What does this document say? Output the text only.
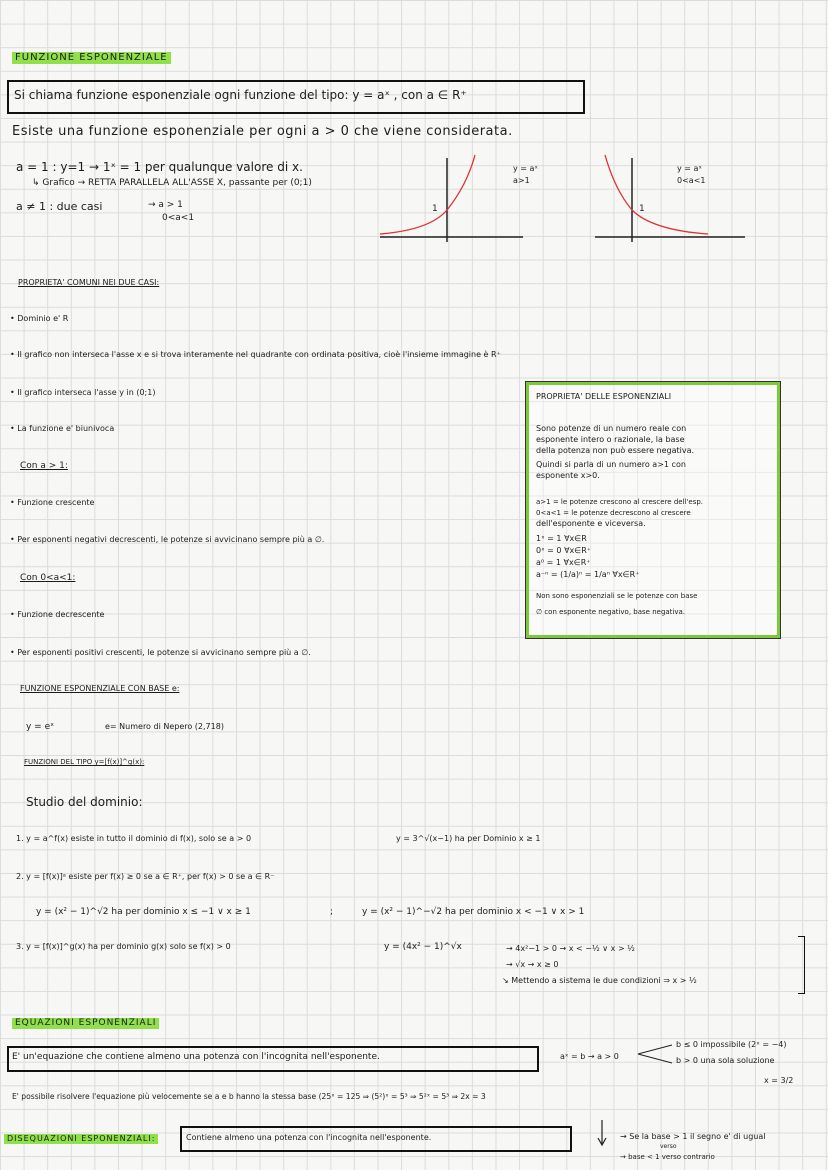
FUNZIONE ESPONENZIALE
Si chiama funzione esponenziale ogni funzione del tipo: y = aˣ , con a ∈ R⁺
Esiste una funzione esponenziale per ogni a > 0 che viene considerata.
a = 1 : y=1 → 1ˣ = 1 per qualunque valore di x.
↳ Grafico → RETTA PARALLELA ALL'ASSE X, passante per (0;1)
a ≠ 1 : due casi	→ a > 1
0<a<1
1
y = aˣ
a>1
1
y = aˣ
0<a<1
PROPRIETA' COMUNI NEI DUE CASI:
• Dominio e' R
• Il grafico non interseca l'asse x e si trova interamente nel quadrante con ordinata positiva, cioè l'insieme immagine è R⁺
• Il grafico interseca l'asse y in (0;1)
• La funzione e' biunivoca
Con a > 1:
• Funzione crescente
• Per esponenti negativi decrescenti, le potenze si avvicinano sempre più a ∅.
Con 0<a<1:
• Funzione decrescente
• Per esponenti positivi crescenti, le potenze si avvicinano sempre più a ∅.
PROPRIETA' DELLE ESPONENZIALI
Sono potenze di un numero reale con
esponente intero o razionale, la base
della potenza non può essere negativa.
Quindi si parla di un numero a>1 con
esponente x>0.
a>1 = le potenze crescono al crescere dell'esp.
0<a<1 = le potenze decrescono al crescere
dell'esponente e viceversa.
1ˣ = 1 ∀x∈R
0ˣ = 0 ∀x∈R⁺
a⁰ = 1 ∀x∈R⁺
a⁻ⁿ = (1/a)ⁿ = 1/aⁿ ∀x∈R⁺
Non sono esponenziali se le potenze con base
∅ con esponente negativo, base negativa.
FUNZIONE ESPONENZIALE CON BASE e:
y = eˣ	e= Numero di Nepero (2,718)
FUNZIONI DEL TIPO y=[f(x)]^g(x):
Studio del dominio:
1. y = a^f(x) esiste in tutto il dominio di f(x), solo se a > 0	y = 3^√(x−1) ha per Dominio x ≥ 1
2. y = [f(x)]ᵃ esiste per f(x) ≥ 0 se a ∈ R⁺, per f(x) > 0 se a ∈ R⁻
y = (x² − 1)^√2 ha per dominio x ≤ −1 ∨ x ≥ 1	;	y = (x² − 1)^−√2 ha per dominio x < −1 ∨ x > 1
3. y = [f(x)]^g(x) ha per dominio g(x) solo se f(x) > 0	y = (4x² − 1)^√x	→ 4x²−1 > 0 → x < −½ ∨ x > ½
→ √x → x ≥ 0
↘ Mettendo a sistema le due condizioni ⇒ x > ½
EQUAZIONI ESPONENZIALI
E' un'equazione che contiene almeno una potenza con l'incognita nell'esponente.	aˣ = b → a > 0
b ≤ 0 impossibile (2ˣ = −4)
b > 0 una sola soluzione
x = 3/2
E' possibile risolvere l'equazione più velocemente se a e b hanno la stessa base (25ˣ = 125 ⇒ (5²)ˣ = 5³ ⇒ 5²ˣ = 5³ ⇒ 2x = 3
DISEQUAZIONI ESPONENZIALI:	Contiene almeno una potenza con l'incognita nell'esponente.	→ Se la base > 1 il segno e' di ugual
verso
→ base < 1 verso contrario
